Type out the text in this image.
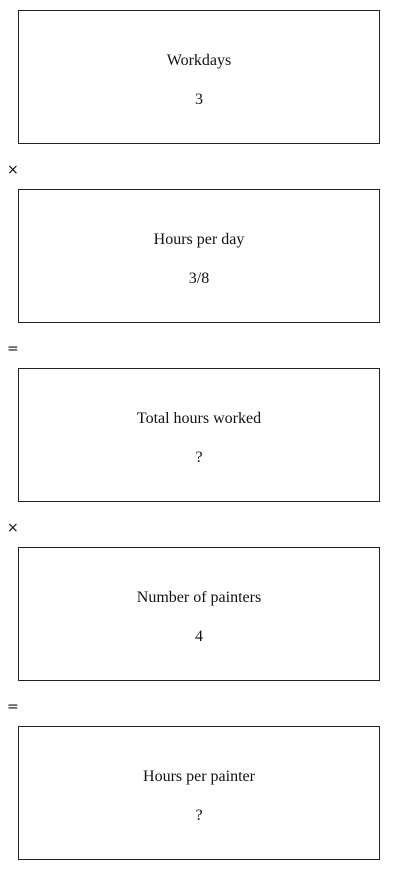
Workdays
3
×
Hours per day
3/8
=
Total hours worked
?
×
Number of painters
4
=
Hours per painter
?
